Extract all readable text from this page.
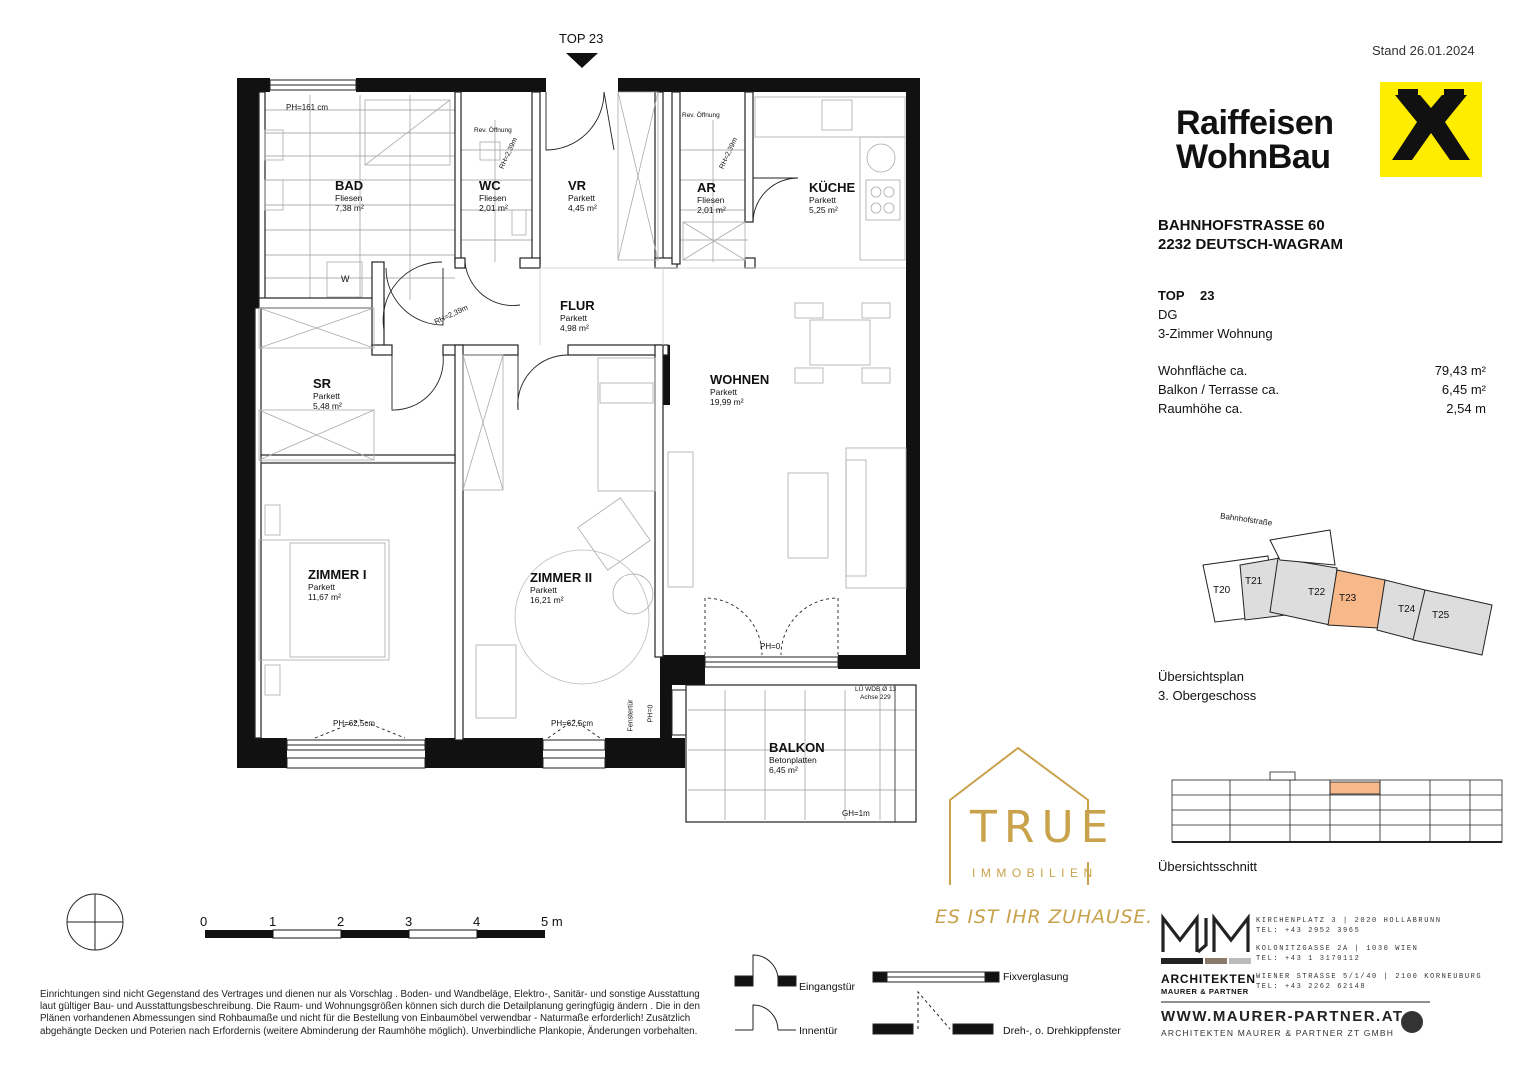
TOP 23
Stand 26.01.2024
BAD
Fliesen
7,38 m²
WC
Fliesen
2,01 m²
VR
Parkett
4,45 m²
AR
Fliesen
2,01 m²
KÜCHE
Parkett
5,25 m²
FLUR
Parkett
4,98 m²
SR
Parkett
5,48 m²
WOHNEN
Parkett
19,99 m²
ZIMMER I
Parkett
11,67 m²
ZIMMER II
Parkett
16,21 m²
BALKON
Betonplatten
6,45 m²
PH=161 cm
Rev. Öffnung
Rev. Öffnung
RH=2,39m	RH=2,39m
RH=2,39m
W
PH=0
PH=62,5cm	PH=62,5cm	Fenstertür PH=0
LÜ WDB Ø 13
Achse 229
GH=1m
0	1	2	3	4	5 m
Einrichtungen sind nicht Gegenstand des Vertrages und dienen nur als Vorschlag . Boden- und Wandbeläge, Elektro-, Sanitär- und sonstige Ausstattung laut gültiger Bau- und Ausstattungsbeschreibung. Die Raum- und Wohnungsgrößen können sich durch die Detailplanung geringfügig ändern . Die in den Plänen vorhandenen Abmessungen sind Rohbaumaße und nicht für die Bestellung von Einbaumöbel verwendbar - Naturmaße erforderlich! Zusätzlich abgehängte Decken und Poterien nach Erfordernis (weitere Abminderung der Raumhöhe möglich). Unverbindliche Plankopie, Änderungen vorbehalten.
Eingangstür
Innentür
Fixverglasung
Dreh-, o. Drehkippfenster
Raiffeisen
WohnBau
BAHNHOFSTRASSE 60
2232 DEUTSCH-WAGRAM
TOP 23
DG
3-Zimmer Wohnung
Wohnfläche ca.	79,43 m²
Balkon / Terrasse ca.	6,45 m²
Raumhöhe ca.	2,54 m
Bahnhofstraße
T20
T21
T22
T23
T24
T25
Übersichtsplan
3. Obergeschoss
Übersichtsschnitt
TRUE
IMMOBILIEN
ES IST IHR ZUHAUSE.
ARCHITEKTEN
MAURER & PARTNER
KIRCHENPLATZ 3 | 2020 HOLLABRUNN
TEL: +43 2952 3965
KOLONITZGASSE 2A | 1030 WIEN
TEL: +43 1 3170112
WIENER STRASSE 5/1/40 | 2100 KORNEUBURG
TEL: +43 2262 62148
WWW.MAURER-PARTNER.AT
ARCHITEKTEN MAURER & PARTNER ZT GMBH
